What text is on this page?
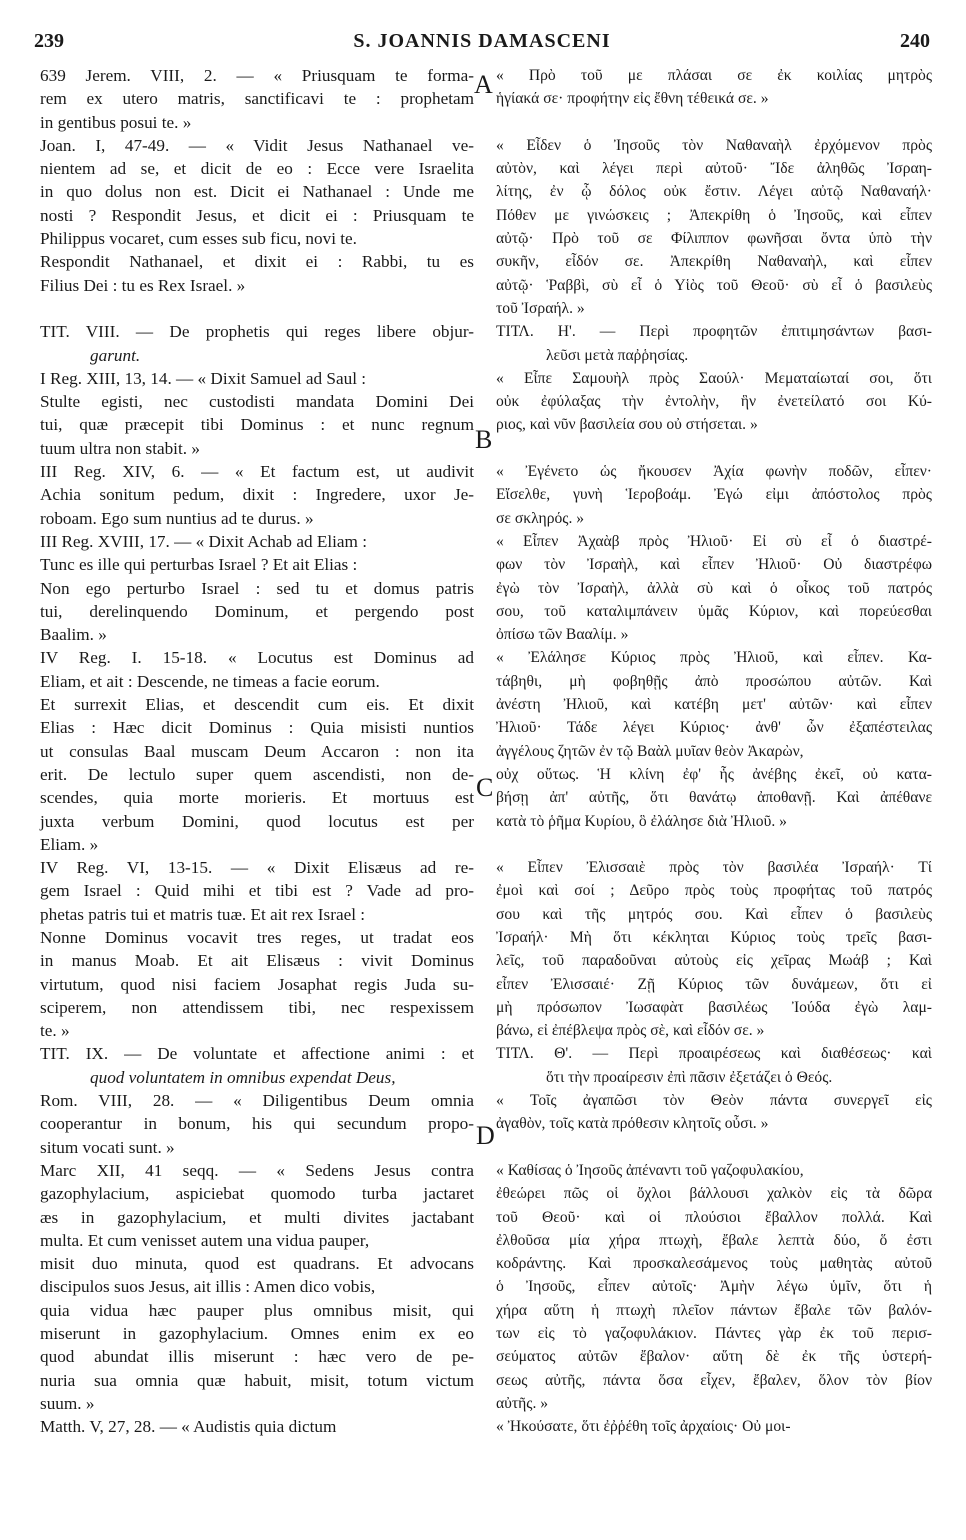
239	S. JOANNIS DAMASCENI	240
A
B
C
D
639 Jerem. VIII, 2. — « Priusquam te forma-
rem ex utero matris, sanctificavi te : prophetam
in gentibus posui te. »
Joan. I, 47-49. — « Vidit Jesus Nathanael ve-
nientem ad se, et dicit de eo : Ecce vere Israelita
in quo dolus non est. Dicit ei Nathanael : Unde me
nosti ? Respondit Jesus, et dicit ei : Priusquam te
Philippus vocaret, cum esses sub ficu, novi te.
Respondit Nathanael, et dixit ei : Rabbi, tu es
Filius Dei : tu es Rex Israel. »
TIT. VIII. — De prophetis qui reges libere objur-
garunt.
I Reg. XIII, 13, 14. — « Dixit Samuel ad Saul :
Stulte egisti, nec custodisti mandata Domini Dei
tui, quæ præcepit tibi Dominus : et nunc regnum
tuum ultra non stabit. »
III Reg. XIV, 6. — « Et factum est, ut audivit
Achia sonitum pedum, dixit : Ingredere, uxor Je-
roboam. Ego sum nuntius ad te durus. »
III Reg. XVIII, 17. — « Dixit Achab ad Eliam :
Tunc es ille qui perturbas Israel ? Et ait Elias :
Non ego perturbo Israel : sed tu et domus patris
tui, derelinquendo Dominum, et pergendo post
Baalim. »
IV Reg. I. 15-18. « Locutus est Dominus ad
Eliam, et ait : Descende, ne timeas a facie eorum.
Et surrexit Elias, et descendit cum eis. Et dixit
Elias : Hæc dicit Dominus : Quia misisti nuntios
ut consulas Baal muscam Deum Accaron : non ita
erit. De lectulo super quem ascendisti, non de-
scendes, quia morte morieris. Et mortuus est
juxta verbum Domini, quod locutus est per
Eliam. »
IV Reg. VI, 13-15. — « Dixit Elisæus ad re-
gem Israel : Quid mihi et tibi est ? Vade ad pro-
phetas patris tui et matris tuæ. Et ait rex Israel :
Nonne Dominus vocavit tres reges, ut tradat eos
in manus Moab. Et ait Elisæus : vivit Dominus
virtutum, quod nisi faciem Josaphat regis Juda su-
sciperem, non attendissem tibi, nec respexissem
te. »
TIT. IX. — De voluntate et affectione animi : et
quod voluntatem in omnibus expendat Deus,
Rom. VIII, 28. — « Diligentibus Deum omnia
cooperantur in bonum, his qui secundum propo-
situm vocati sunt. »
Marc XII, 41 seqq. — « Sedens Jesus contra
gazophylacium, aspiciebat quomodo turba jactaret
æs in gazophylacium, et multi divites jactabant
multa. Et cum venisset autem una vidua pauper,
misit duo minuta, quod est quadrans. Et advocans
discipulos suos Jesus, ait illis : Amen dico vobis,
quia vidua hæc pauper plus omnibus misit, qui
miserunt in gazophylacium. Omnes enim ex eo
quod abundat illis miserunt : hæc vero de pe-
nuria sua omnia quæ habuit, misit, totum victum
suum. »
Matth. V, 27, 28. — « Audistis quia dictum
« Πρὸ τοῦ με πλάσαι σε ἐκ κοιλίας μητρὸς
ἡγίακά σε· προφήτην εἰς ἔθνη τέθεικά σε. »
« Εἶδεν ὁ Ἰησοῦς τὸν Ναθαναὴλ ἐρχόμενον πρὸς
αὐτὸν, καὶ λέγει περὶ αὐτοῦ· Ἴδε ἀληθῶς Ἰσραη-
λίτης, ἐν ᾧ δόλος οὐκ ἔστιν. Λέγει αὐτῷ Ναθαναήλ·
Πόθεν με γινώσκεις ; Ἀπεκρίθη ὁ Ἰησοῦς, καὶ εἶπεν
αὐτῷ· Πρὸ τοῦ σε Φίλιππον φωνῆσαι ὄντα ὑπὸ τὴν
συκῆν, εἶδόν σε. Ἀπεκρίθη Ναθαναὴλ, καὶ εἶπεν
αὐτῷ· Ῥαββὶ, σὺ εἶ ὁ Υἱὸς τοῦ Θεοῦ· σὺ εἶ ὁ βασιλεὺς
τοῦ Ἰσραήλ. »
ΤΙΤΛ. Η'. — Περὶ προφητῶν ἐπιτιμησάντων βασι-
λεῦσι μετὰ παῤῥησίας.
« Εἶπε Σαμουὴλ πρὸς Σαούλ· Μεματαίωταί σοι, ὅτι
οὐκ ἐφύλαξας τὴν ἐντολὴν, ἣν ἐνετείλατό σοι Κύ-
ριος, καὶ νῦν βασιλεία σου οὐ στήσεται. »
« Ἐγένετο ὡς ἤκουσεν Ἀχία φωνὴν ποδῶν, εἶπεν·
Εἴσελθε, γυνὴ Ἱεροβοάμ. Ἐγώ εἰμι ἀπόστολος πρὸς
σε σκληρός. »
« Εἶπεν Ἀχαὰβ πρὸς Ἠλιοῦ· Εἰ σὺ εἶ ὁ διαστρέ-
φων τὸν Ἰσραὴλ, καὶ εἶπεν Ἠλιοῦ· Οὐ διαστρέφω
ἐγὼ τὸν Ἰσραὴλ, ἀλλὰ σὺ καὶ ὁ οἶκος τοῦ πατρός
σου, τοῦ καταλιμπάνειν ὑμᾶς Κύριον, καὶ πορεύεσθαι
ὀπίσω τῶν Βααλίμ. »
« Ἐλάλησε Κύριος πρὸς Ἠλιοῦ, καὶ εἶπεν. Κα-
τάβηθι, μὴ φοβηθῇς ἀπὸ προσώπου αὐτῶν. Καὶ
ἀνέστη Ἠλιοῦ, καὶ κατέβη μετ' αὐτῶν· καὶ εἶπεν
Ἠλιοῦ· Τάδε λέγει Κύριος· ἀνθ' ὧν ἐξαπέστειλας
ἀγγέλους ζητῶν ἐν τῷ Βαὰλ μυῖαν θεὸν Ἀκαρὼν,
οὐχ οὕτως. Ἡ κλίνη ἐφ' ἧς ἀνέβης ἐκεῖ, οὐ κατα-
βήσῃ ἀπ' αὐτῆς, ὅτι θανάτῳ ἀποθανῇ. Καὶ ἀπέθανε
κατὰ τὸ ῥῆμα Κυρίου, ὃ ἐλάλησε διὰ Ἠλιοῦ. »
« Εἶπεν Ἐλισσαιὲ πρὸς τὸν βασιλέα Ἰσραήλ· Τί
ἐμοὶ καὶ σοί ; Δεῦρο πρὸς τοὺς προφήτας τοῦ πατρός
σου καὶ τῆς μητρός σου. Καὶ εἶπεν ὁ βασιλεὺς
Ἰσραήλ· Μὴ ὅτι κέκληται Κύριος τοὺς τρεῖς βασι-
λεῖς, τοῦ παραδοῦναι αὐτοὺς εἰς χεῖρας Μωάβ ; Καὶ
εἶπεν Ἐλισσαιέ· Ζῇ Κύριος τῶν δυνάμεων, ὅτι εἰ
μὴ πρόσωπον Ἰωσαφὰτ βασιλέως Ἰούδα ἐγὼ λαμ-
βάνω, εἰ ἐπέβλεψα πρὸς σὲ, καὶ εἶδόν σε. »
ΤΙΤΛ. Θ'. — Περὶ προαιρέσεως καὶ διαθέσεως· καὶ
ὅτι τὴν προαίρεσιν ἐπὶ πᾶσιν ἐξετάζει ὁ Θεός.
« Τοῖς ἀγαπῶσι τὸν Θεὸν πάντα συνεργεῖ εἰς
ἀγαθὸν, τοῖς κατὰ πρόθεσιν κλητοῖς οὖσι. »
« Καθίσας ὁ Ἰησοῦς ἀπέναντι τοῦ γαζοφυλακίου,
ἐθεώρει πῶς οἱ ὄχλοι βάλλουσι χαλκὸν εἰς τὰ δῶρα
τοῦ Θεοῦ· καὶ οἱ πλούσιοι ἔβαλλον πολλά. Καὶ
ἐλθοῦσα μία χήρα πτωχὴ, ἔβαλε λεπτὰ δύο, ὅ ἐστι
κοδράντης. Καὶ προσκαλεσάμενος τοὺς μαθητὰς αὐτοῦ
ὁ Ἰησοῦς, εἶπεν αὐτοῖς· Ἀμὴν λέγω ὑμῖν, ὅτι ἡ
χήρα αὕτη ἡ πτωχὴ πλεῖον πάντων ἔβαλε τῶν βαλόν-
των εἰς τὸ γαζοφυλάκιον. Πάντες γὰρ ἐκ τοῦ περισ-
σεύματος αὐτῶν ἔβαλον· αὕτη δὲ ἐκ τῆς ὑστερή-
σεως αὐτῆς, πάντα ὅσα εἶχεν, ἔβαλεν, ὅλον τὸν βίον
αὐτῆς. »
« Ἠκούσατε, ὅτι ἐῤῥέθη τοῖς ἀρχαίοις· Οὐ μοι-
